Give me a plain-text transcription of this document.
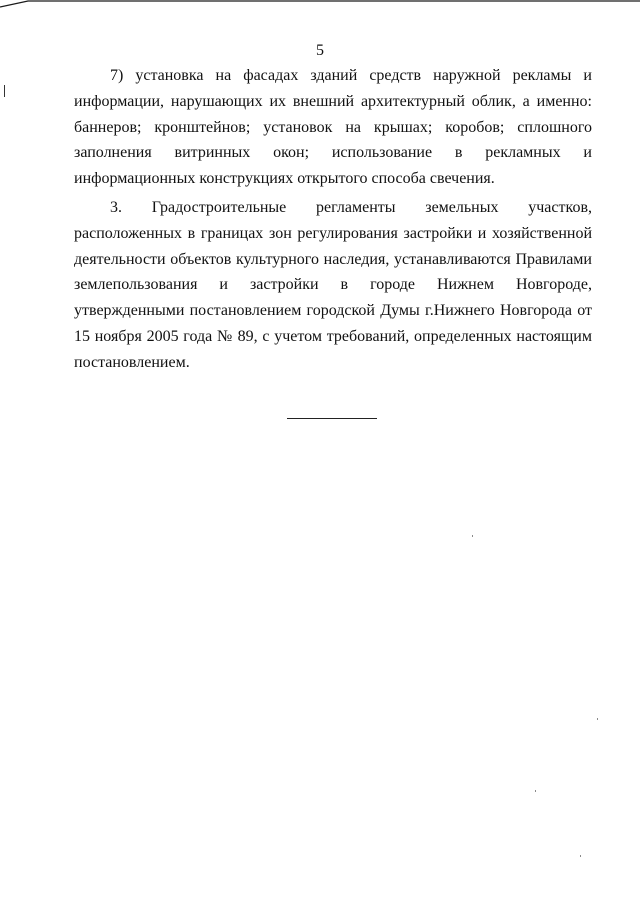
5

7) установка на фасадах зданий средств наружной рекламы и информации, нарушающих их внешний архитектурный облик, а именно: баннеров; кронштейнов; установок на крышах; коробов; сплошного заполнения витринных окон; использование в рекламных и информационных конструкциях открытого способа свечения.

3. Градостроительные регламенты земельных участков, расположенных в границах зон регулирования застройки и хозяйственной деятельности объектов культурного наследия, устанавливаются Правилами землепользования и застройки в городе Нижнем Новгороде, утвержденными постановлением городской Думы г.Нижнего Новгорода от 15 ноября 2005 года № 89, с учетом требований, определенных настоящим постановлением.
